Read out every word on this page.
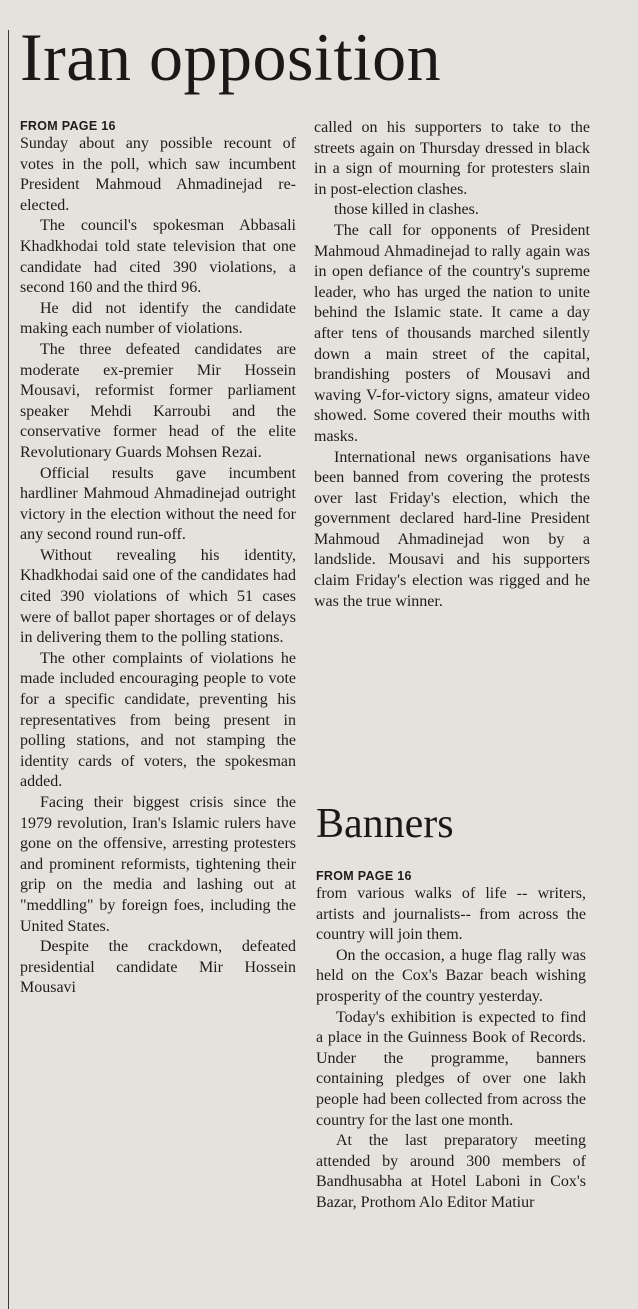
Iran opposition
FROM PAGE 16

Sunday about any possible recount of votes in the poll, which saw incumbent President Mahmoud Ahmadinejad re-elected.

The council's spokesman Abbasali Khadkhodai told state television that one candidate had cited 390 violations, a second 160 and the third 96.

He did not identify the candidate making each number of violations.

The three defeated candidates are moderate ex-premier Mir Hossein Mousavi, reformist former parliament speaker Mehdi Karroubi and the conservative former head of the elite Revolutionary Guards Mohsen Rezai.

Official results gave incumbent hardliner Mahmoud Ahmadinejad outright victory in the election without the need for any second round run-off.

Without revealing his identity, Khadkhodai said one of the candidates had cited 390 violations of which 51 cases were of ballot paper shortages or of delays in delivering them to the polling stations.

The other complaints of violations he made included encouraging people to vote for a specific candidate, preventing his representatives from being present in polling stations, and not stamping the identity cards of voters, the spokesman added.

Facing their biggest crisis since the 1979 revolution, Iran's Islamic rulers have gone on the offensive, arresting protesters and prominent reformists, tightening their grip on the media and lashing out at "meddling" by foreign foes, including the United States.

Despite the crackdown, defeated presidential candidate Mir Hossein Mousavi

called on his supporters to take to the streets again on Thursday dressed in black in a sign of mourning for protesters slain in post-election clashes.

those killed in clashes.

The call for opponents of President Mahmoud Ahmadinejad to rally again was in open defiance of the country's supreme leader, who has urged the nation to unite behind the Islamic state. It came a day after tens of thousands marched silently down a main street of the capital, brandishing posters of Mousavi and waving V-for-victory signs, amateur video showed. Some covered their mouths with masks.

International news organisations have been banned from covering the protests over last Friday's election, which the government declared hard-line President Mahmoud Ahmadinejad won by a landslide. Mousavi and his supporters claim Friday's election was rigged and he was the true winner.

Banners
FROM PAGE 16

from various walks of life -- writers, artists and journalists-- from across the country will join them.

On the occasion, a huge flag rally was held on the Cox's Bazar beach wishing prosperity of the country yesterday.

Today's exhibition is expected to find a place in the Guinness Book of Records. Under the programme, banners containing pledges of over one lakh people had been collected from across the country for the last one month.

At the last preparatory meeting attended by around 300 members of Bandhusabha at Hotel Laboni in Cox's Bazar, Prothom Alo Editor Matiur
